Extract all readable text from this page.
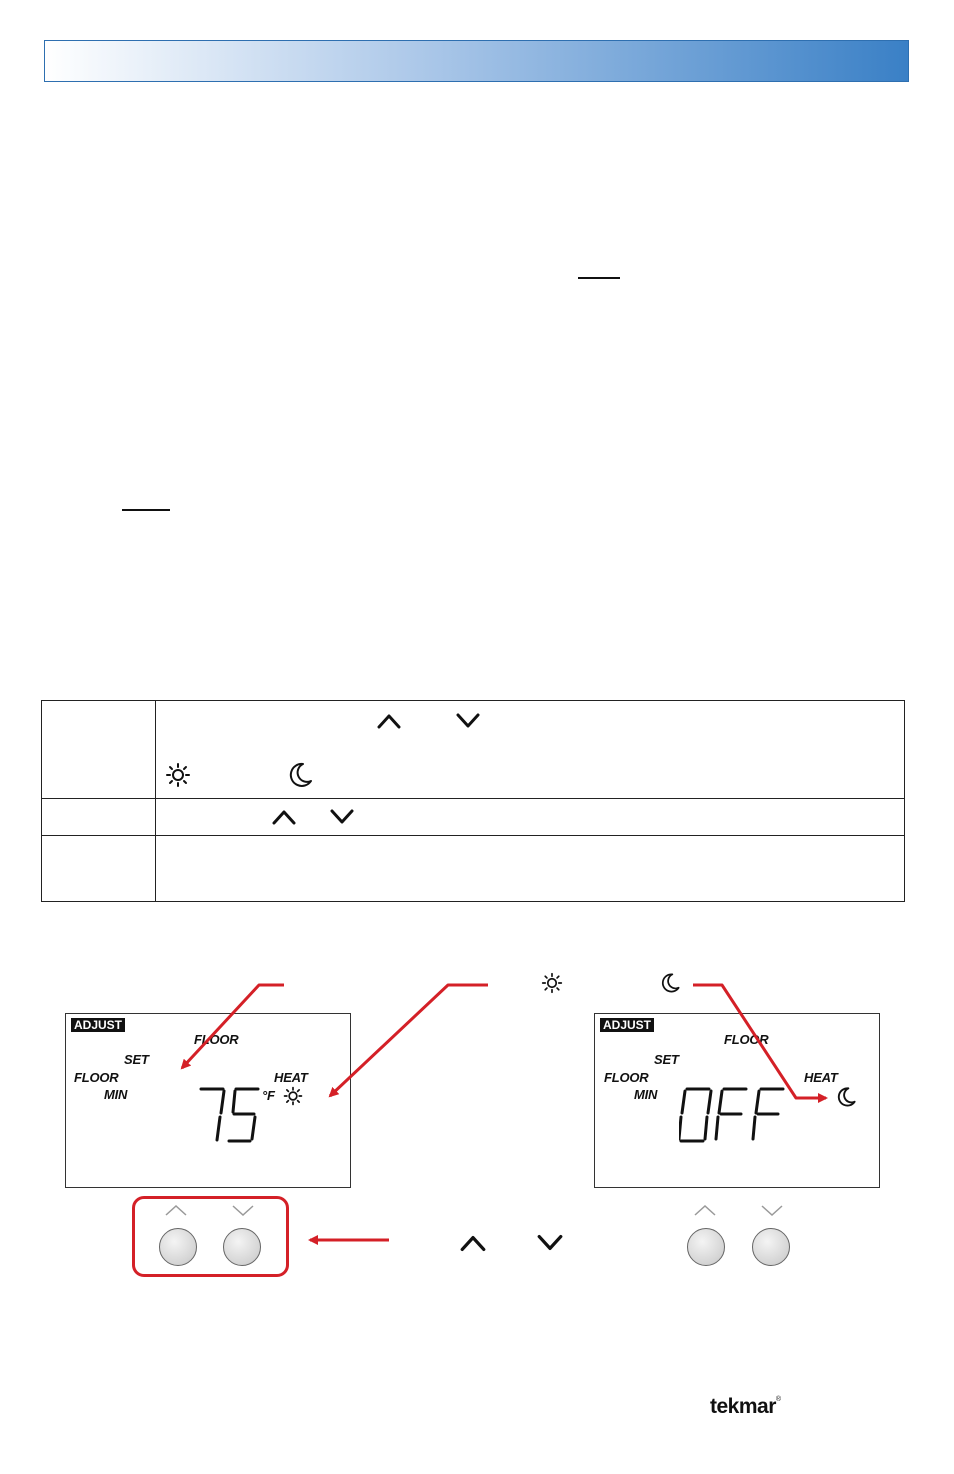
ADJUST
FLOOR
SET
FLOOR
MIN
HEAT
°F
ADJUST
FLOOR
SET
FLOOR
MIN
HEAT
tekmar®
